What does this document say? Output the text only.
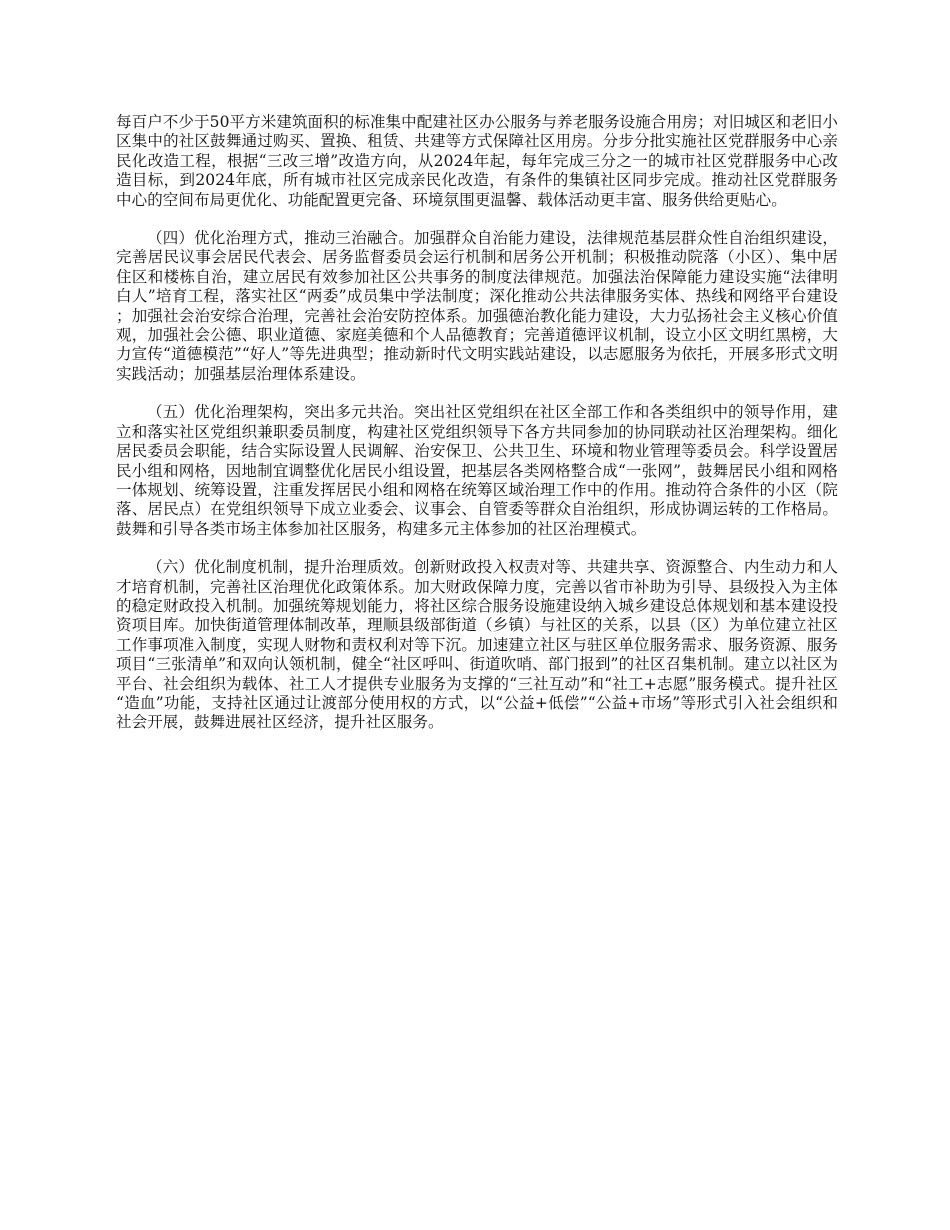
每百户不少于50平方米建筑面积的标准集中配建社区办公服务与养老服务设施合用房；对旧城区和老旧小区集中的社区鼓舞通过购买、置换、租赁、共建等方式保障社区用房。分步分批实施社区党群服务中心亲民化改造工程，根据“三改三增”改造方向，从2024年起，每年完成三分之一的城市社区党群服务中心改造目标，到2024年底，所有城市社区完成亲民化改造，有条件的集镇社区同步完成。推动社区党群服务中心的空间布局更优化、功能配置更完备、环境氛围更温馨、载体活动更丰富、服务供给更贴心。

（四）优化治理方式，推动三治融合。加强群众自治能力建设，法律规范基层群众性自治组织建设，完善居民议事会居民代表会、居务监督委员会运行机制和居务公开机制；积极推动院落（小区）、集中居住区和楼栋自治，建立居民有效参加社区公共事务的制度法律规范。加强法治保障能力建设实施“法律明白人”培育工程，落实社区“两委”成员集中学法制度；深化推动公共法律服务实体、热线和网络平台建设；加强社会治安综合治理，完善社会治安防控体系。加强德治教化能力建设，大力弘扬社会主义核心价值观，加强社会公德、职业道德、家庭美德和个人品德教育；完善道德评议机制，设立小区文明红黑榜，大力宣传“道德模范”“好人”等先进典型；推动新时代文明实践站建设，以志愿服务为依托，开展多形式文明实践活动；加强基层治理体系建设。

（五）优化治理架构，突出多元共治。突出社区党组织在社区全部工作和各类组织中的领导作用，建立和落实社区党组织兼职委员制度，构建社区党组织领导下各方共同参加的协同联动社区治理架构。细化居民委员会职能，结合实际设置人民调解、治安保卫、公共卫生、环境和物业管理等委员会。科学设置居民小组和网格，因地制宜调整优化居民小组设置，把基层各类网格整合成“一张网”，鼓舞居民小组和网格一体规划、统筹设置，注重发挥居民小组和网格在统筹区域治理工作中的作用。推动符合条件的小区（院落、居民点）在党组织领导下成立业委会、议事会、自管委等群众自治组织，形成协调运转的工作格局。鼓舞和引导各类市场主体参加社区服务，构建多元主体参加的社区治理模式。

（六）优化制度机制，提升治理质效。创新财政投入权责对等、共建共享、资源整合、内生动力和人才培育机制，完善社区治理优化政策体系。加大财政保障力度，完善以省市补助为引导、县级投入为主体的稳定财政投入机制。加强统筹规划能力，将社区综合服务设施建设纳入城乡建设总体规划和基本建设投资项目库。加快街道管理体制改革，理顺县级部街道（乡镇）与社区的关系，以县（区）为单位建立社区工作事项准入制度，实现人财物和责权利对等下沉。加速建立社区与驻区单位服务需求、服务资源、服务项目“三张清单”和双向认领机制，健全“社区呼叫、街道吹哨、部门报到”的社区召集机制。建立以社区为平台、社会组织为载体、社工人才提供专业服务为支撑的“三社互动”和“社工+志愿”服务模式。提升社区“造血”功能，支持社区通过让渡部分使用权的方式，以“公益+低偿”“公益+市场”等形式引入社会组织和社会开展，鼓舞进展社区经济，提升社区服务。
